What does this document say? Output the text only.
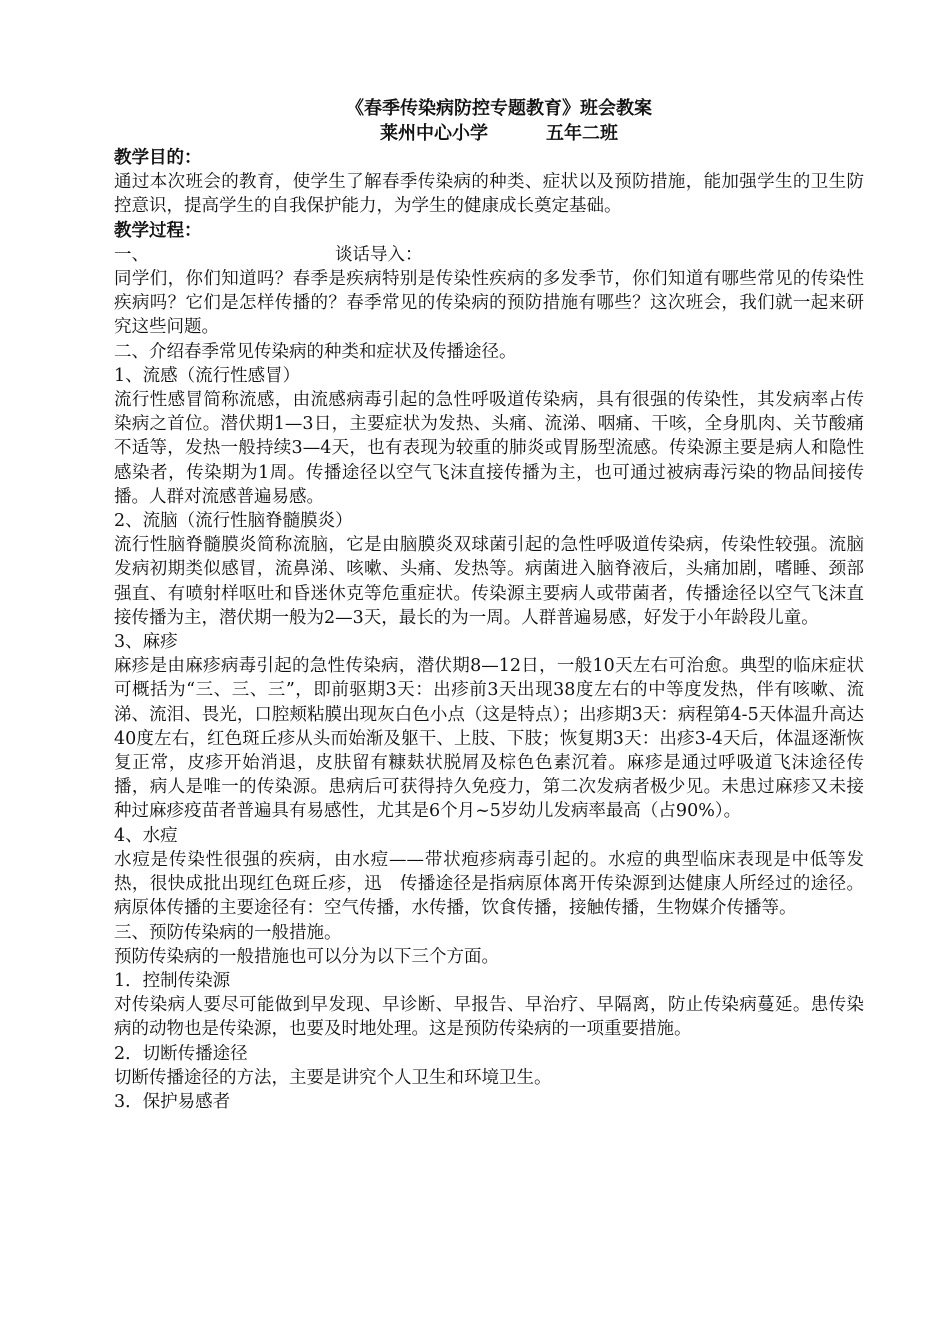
《春季传染病防控专题教育》班会教案
莱州中心小学	五年二班

教学目的：

通过本次班会的教育，使学生了解春季传染病的种类、症状以及预防措施，能加强学生的卫生防控意识，提高学生的自我保护能力，为学生的健康成长奠定基础。

教学过程：

一、	谈话导入：

同学们，你们知道吗？春季是疾病特别是传染性疾病的多发季节，你们知道有哪些常见的传染性疾病吗？它们是怎样传播的？春季常见的传染病的预防措施有哪些？这次班会，我们就一起来研究这些问题。

二、介绍春季常见传染病的种类和症状及传播途径。

1、流感（流行性感冒）

流行性感冒简称流感，由流感病毒引起的急性呼吸道传染病，具有很强的传染性，其发病率占传染病之首位。潜伏期1—3日，主要症状为发热、头痛、流涕、咽痛、干咳，全身肌肉、关节酸痛不适等，发热一般持续3—4天，也有表现为较重的肺炎或胃肠型流感。传染源主要是病人和隐性感染者，传染期为1周。传播途径以空气飞沫直接传播为主，也可通过被病毒污染的物品间接传播。人群对流感普遍易感。

2、流脑（流行性脑脊髓膜炎）

流行性脑脊髓膜炎简称流脑，它是由脑膜炎双球菌引起的急性呼吸道传染病，传染性较强。流脑发病初期类似感冒，流鼻涕、咳嗽、头痛、发热等。病菌进入脑脊液后，头痛加剧，嗜睡、颈部强直、有喷射样呕吐和昏迷休克等危重症状。传染源主要病人或带菌者，传播途径以空气飞沫直接传播为主，潜伏期一般为2—3天，最长的为一周。人群普遍易感，好发于小年龄段儿童。

3、麻疹

麻疹是由麻疹病毒引起的急性传染病，潜伏期8—12日，一般10天左右可治愈。典型的临床症状可概括为“三、三、三”，即前驱期3天：出疹前3天出现38度左右的中等度发热，伴有咳嗽、流涕、流泪、畏光，口腔颊粘膜出现灰白色小点（这是特点）；出疹期3天：病程第4-5天体温升高达40度左右，红色斑丘疹从头而始渐及躯干、上肢、下肢；恢复期3天：出疹3-4天后，体温逐渐恢复正常，皮疹开始消退，皮肤留有糠麸状脱屑及棕色色素沉着。麻疹是通过呼吸道飞沫途径传播，病人是唯一的传染源。患病后可获得持久免疫力，第二次发病者极少见。未患过麻疹又未接种过麻疹疫苗者普遍具有易感性，尤其是6个月~5岁幼儿发病率最高（占90%）。

4、水痘

水痘是传染性很强的疾病，由水痘——带状疱疹病毒引起的。水痘的典型临床表现是中低等发热，很快成批出现红色斑丘疹，迅　传播途径是指病原体离开传染源到达健康人所经过的途径。病原体传播的主要途径有：空气传播，水传播，饮食传播，接触传播，生物媒介传播等。

三、预防传染病的一般措施。

预防传染病的一般措施也可以分为以下三个方面。

1．控制传染源

对传染病人要尽可能做到早发现、早诊断、早报告、早治疗、早隔离，防止传染病蔓延。患传染病的动物也是传染源，也要及时地处理。这是预防传染病的一项重要措施。

2．切断传播途径

切断传播途径的方法，主要是讲究个人卫生和环境卫生。

3．保护易感者
